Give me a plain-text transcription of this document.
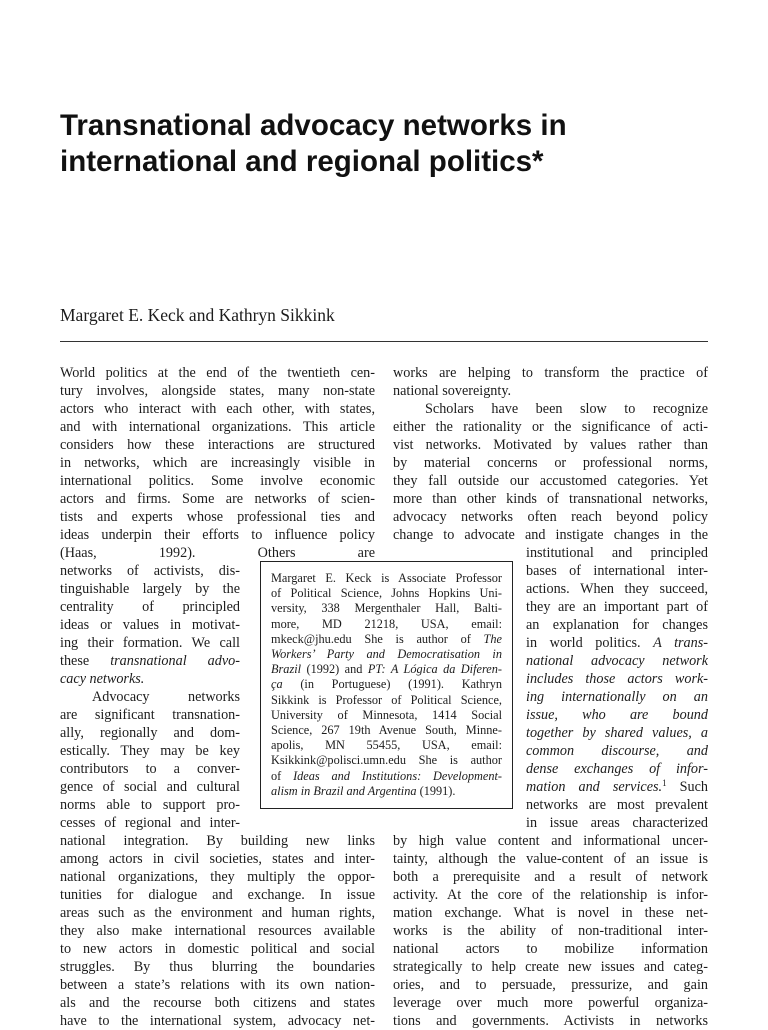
Transnational advocacy networks in
international and regional politics*

Margaret E. Keck and Kathryn Sikkink

World politics at the end of the twentieth cen-

tury involves, alongside states, many non-state

actors who interact with each other, with states,

and with international organizations. This article

considers how these interactions are structured

in networks, which are increasingly visible in

international politics. Some involve economic

actors and firms. Some are networks of scien-

tists and experts whose professional ties and

ideas underpin their efforts to influence policy

(Haas, 1992). Others are

networks of activists, dis-

tinguishable largely by the

centrality of principled

ideas or values in motivat-

ing their formation. We call

these transnational advo-

cacy networks.

Advocacy networks

are significant transnation-

ally, regionally and dom-

estically. They may be key

contributors to a conver-

gence of social and cultural

norms able to support pro-

cesses of regional and inter-

national integration. By building new links

among actors in civil societies, states and inter-

national organizations, they multiply the oppor-

tunities for dialogue and exchange. In issue

areas such as the environment and human rights,

they also make international resources available

to new actors in domestic political and social

struggles. By thus blurring the boundaries

between a state’s relations with its own nation-

als and the recourse both citizens and states

have to the international system, advocacy net-

works are helping to transform the practice of

national sovereignty.

Scholars have been slow to recognize

either the rationality or the significance of acti-

vist networks. Motivated by values rather than

by material concerns or professional norms,

they fall outside our accustomed categories. Yet

more than other kinds of transnational networks,

advocacy networks often reach beyond policy

change to advocate and instigate changes in the

institutional and principled

bases of international inter-

actions. When they succeed,

they are an important part of

an explanation for changes

in world politics. A trans-

national advocacy network

includes those actors work-

ing internationally on an

issue, who are bound

together by shared values, a

common discourse, and

dense exchanges of infor-

mation and services.$^1$ Such

networks are most prevalent

in issue areas characterized

by high value content and informational uncer-

tainty, although the value-content of an issue is

both a prerequisite and a result of network

activity. At the core of the relationship is infor-

mation exchange. What is novel in these net-

works is the ability of non-traditional inter-

national actors to mobilize information

strategically to help create new issues and categ-

ories, and to persuade, pressurize, and gain

leverage over much more powerful organiza-

tions and governments. Activists in networks

Margaret E. Keck is Associate Professor

of Political Science, Johns Hopkins Uni-

versity, 338 Mergenthaler Hall, Balti-

more, MD 21218, USA, email:

mkeck@jhu.edu She is author of The

Workers’ Party and Democratisation in

Brazil (1992) and PT: A Lógica da Diferen-

ça (in Portuguese) (1991). Kathryn

Sikkink is Professor of Political Science,

University of Minnesota, 1414 Social

Science, 267 19th Avenue South, Minne-

apolis, MN 55455, USA, email:

Ksikkink@polisci.umn.edu She is author

of Ideas and Institutions: Development-

alism in Brazil and Argentina (1991).
